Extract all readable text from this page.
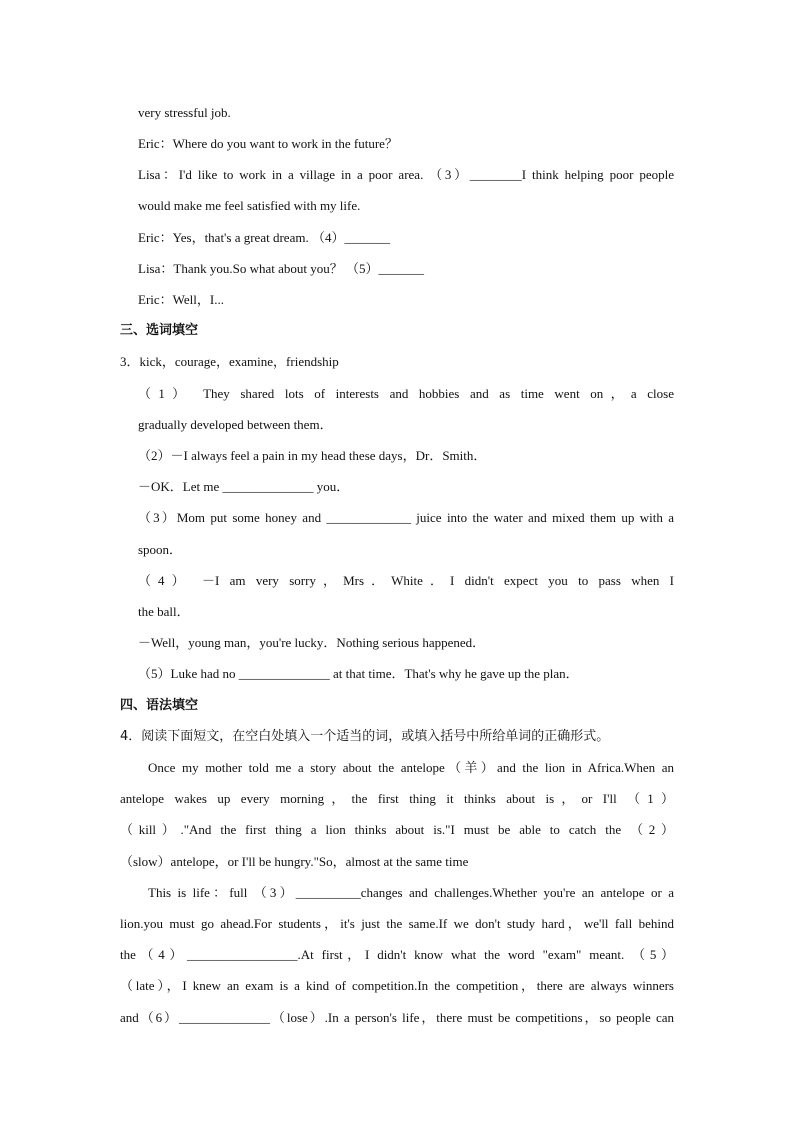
very stressful job.
Eric：Where do you want to work in the future？
Lisa：I'd like to work in a village in a poor area. （3）________I think helping poor people
would make me feel satisfied with my life.
Eric：Yes，that's a great dream. （4）_______
Lisa：Thank you.So what about you？ （5）_______
Eric：Well，I...
三、选词填空
3．kick，courage，examine，friendship
（1） They shared lots of interests and hobbies and as time went on，a close
gradually developed between them．
（2）－I always feel a pain in my head these days，Dr．Smith．
－OK．Let me ______________ you．
（3）Mom put some honey and _____________ juice into the water and mixed them up with a
spoon．
（4） －I am very sorry，Mrs．White．I didn't expect you to pass when I
the ball．
－Well，young man，you're lucky．Nothing serious happened．
（5）Luke had no ______________ at that time．That's why he gave up the plan．
四、语法填空
4．阅读下面短文，在空白处填入一个适当的词，或填入括号中所给单词的正确形式。
Once my mother told me a story about the antelope（羊）and the lion in Africa.When an
antelope wakes up every morning，the first thing it thinks about is，or I'll （1）
（kill）."And the first thing a lion thinks about is."I must be able to catch the （2）
（slow）antelope，or I'll be hungry."So，almost at the same time
This is life：full （3）__________changes and challenges.Whether you're an antelope or a
lion.you must go ahead.For students，it's just the same.If we don't study hard，we'll fall behind
the（4）_________________.At first，I didn't know what the word "exam" meant. （5）
（late），I knew an exam is a kind of competition.In the competition，there are always winners
and（6）______________（lose）.In a person's life，there must be competitions，so people can
